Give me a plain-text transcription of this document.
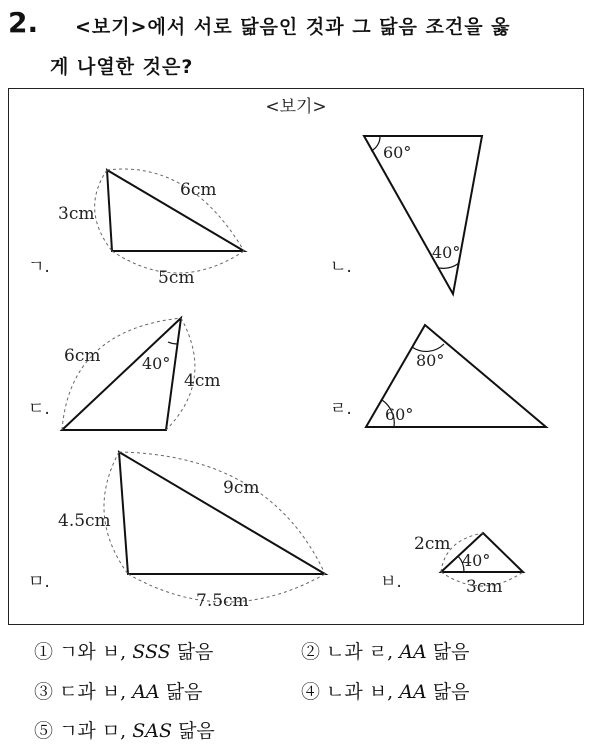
2. <보기>에서 서로 닮음인 것과 그 닮음 조건을 옳
게 나열한 것은?
<보기>
ㄱ.
3cm
6cm
5cm
ㄴ.
60°
40°
ㄷ.
6cm
4cm
40°
ㄹ.
80°
60°
ㅁ.
4.5cm
9cm
7.5cm
ㅂ.
2cm
3cm
40°
① ㄱ와 ㅂ, SSS 닮음	② ㄴ과 ㄹ, AA 닮음
③ ㄷ과 ㅂ, AA 닮음	④ ㄴ과 ㅂ, AA 닮음
⑤ ㄱ과 ㅁ, SAS 닮음
